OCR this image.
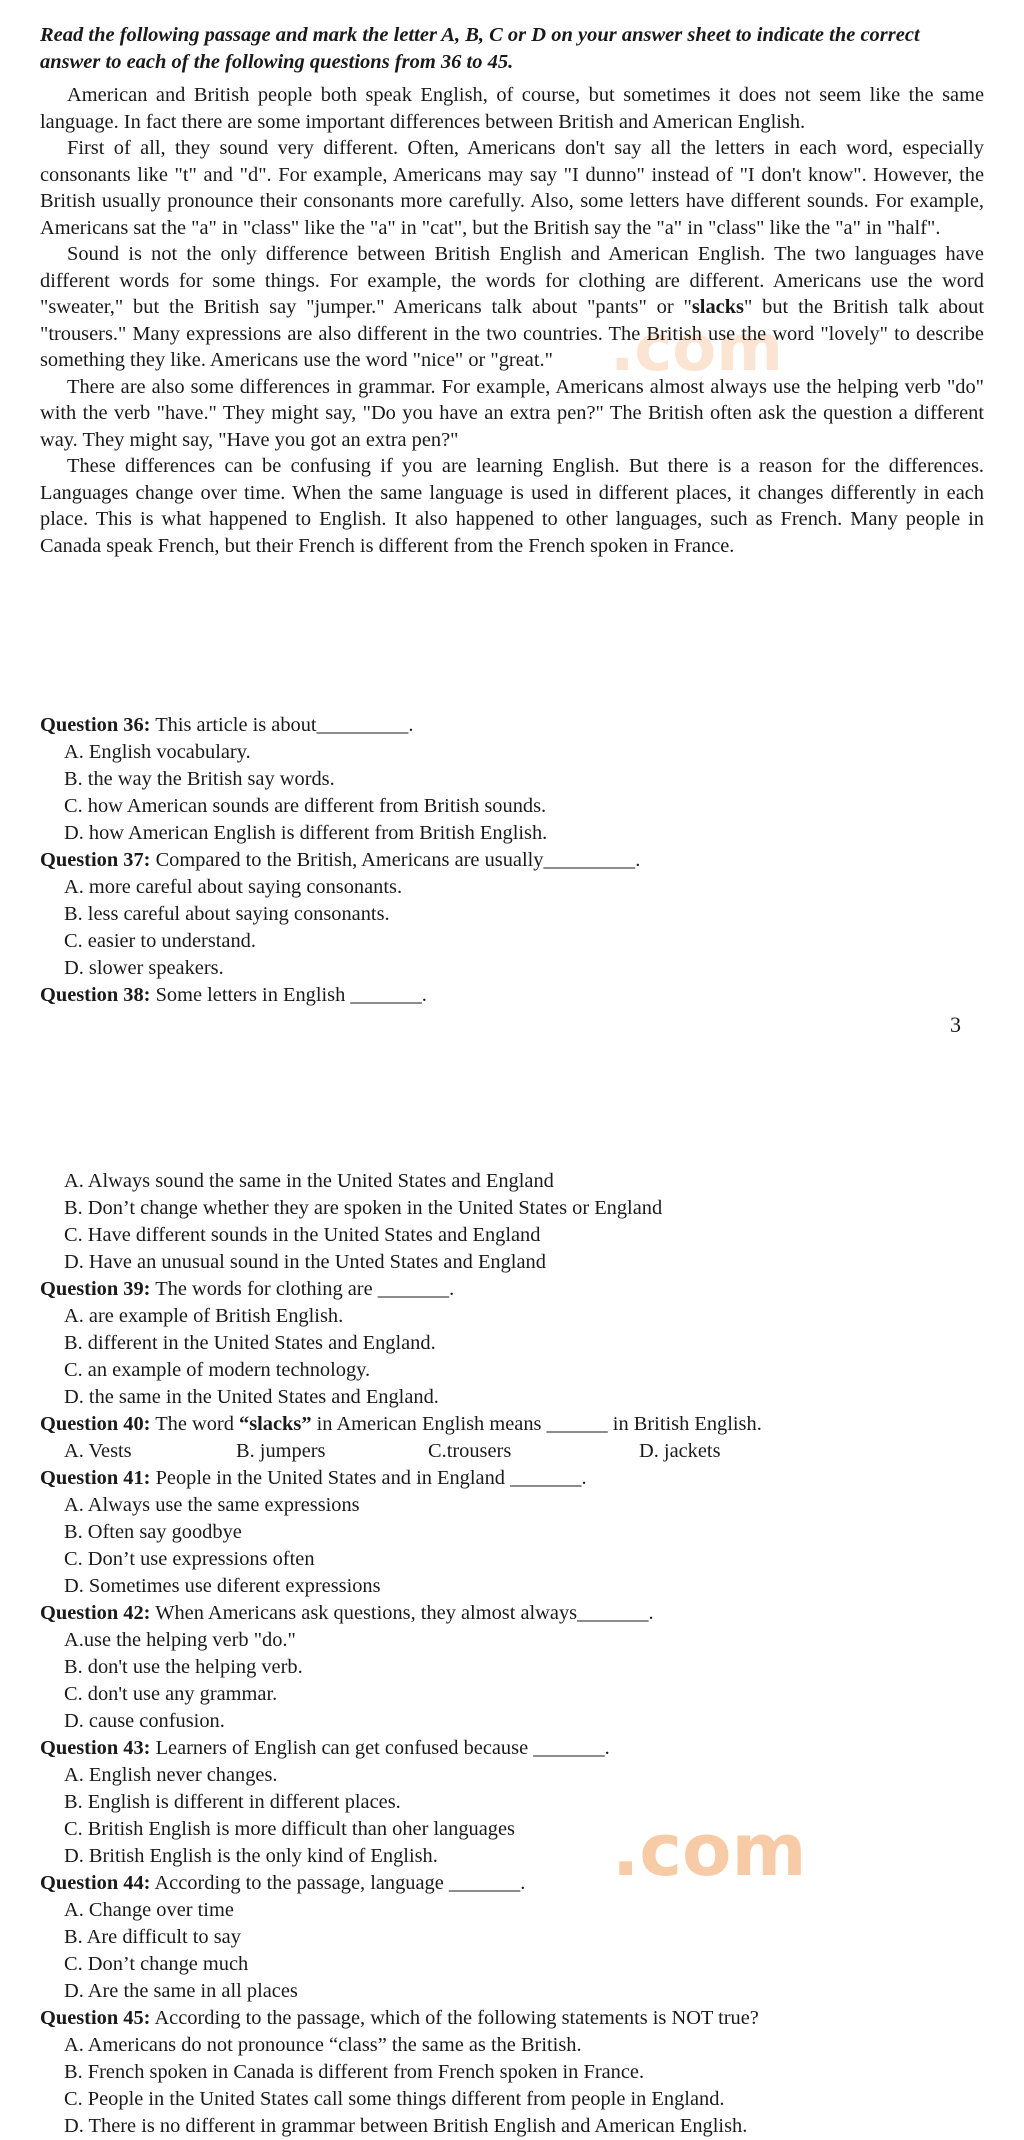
.com
.com
Read the following passage and mark the letter A, B, C or D on your answer sheet to indicate the correct answer to each of the following questions from 36 to 45.

American and British people both speak English, of course, but sometimes it does not seem like the same language. In fact there are some important differences between British and American English.

First of all, they sound very different. Often, Americans don't say all the letters in each word, especially consonants like "t" and "d". For example, Americans may say "I dunno" instead of "I don't know". However, the British usually pronounce their consonants more carefully. Also, some letters have different sounds. For example, Americans sat the "a" in "class" like the "a" in "cat", but the British say the "a" in "class" like the "a" in "half".

Sound is not the only difference between British English and American English. The two languages have different words for some things. For example, the words for clothing are different. Americans use the word "sweater," but the British say "jumper." Americans talk about "pants" or "slacks" but the British talk about "trousers." Many expressions are also different in the two countries. The British use the word "lovely" to describe something they like. Americans use the word "nice" or "great."

There are also some differences in grammar. For example, Americans almost always use the helping verb "do" with the verb "have." They might say, "Do you have an extra pen?" The British often ask the question a different way. They might say, "Have you got an extra pen?"

These differences can be confusing if you are learning English. But there is a reason for the differences. Languages change over time. When the same language is used in different places, it changes differently in each place. This is what happened to English. It also happened to other languages, such as French. Many people in Canada speak French, but their French is different from the French spoken in France.

Question 36: This article is about_________.
A. English vocabulary.
B. the way the British say words.
C. how American sounds are different from British sounds.
D. how American English is different from British English.
Question 37: Compared to the British, Americans are usually_________.
A. more careful about saying consonants.
B. less careful about saying consonants.
C. easier to understand.
D. slower speakers.
Question 38: Some letters in English _______.
3
A. Always sound the same in the United States and England
B. Don’t change whether they are spoken in the United States or England
C. Have different sounds in the United States and England
D. Have an unusual sound in the Unted States and England
Question 39: The words for clothing are _______.
A. are example of British English.
B. different in the United States and England.
C. an example of modern technology.
D. the same in the United States and England.
Question 40: The word “slacks” in American English means ______ in British English.
A. Vests	B. jumpers	C.trousers	D. jackets
Question 41: People in the United States and in England _______.
A. Always use the same expressions
B. Often say goodbye
C. Don’t use expressions often
D. Sometimes use diferent expressions
Question 42: When Americans ask questions, they almost always_______.
A.use the helping verb "do."
B. don't use the helping verb.
C. don't use any grammar.
D. cause confusion.
Question 43: Learners of English can get confused because _______.
A. English never changes.
B. English is different in different places.
C. British English is more difficult than oher languages
D. British English is the only kind of English.
Question 44: According to the passage, language _______.
A. Change over time
B. Are difficult to say
C. Don’t change much
D. Are the same in all places
Question 45: According to the passage, which of the following statements is NOT true?
A. Americans do not pronounce “class” the same as the British.
B. French spoken in Canada is different from French spoken in France.
C. People in the United States call some things different from people in England.
D. There is no different in grammar between British English and American English.
